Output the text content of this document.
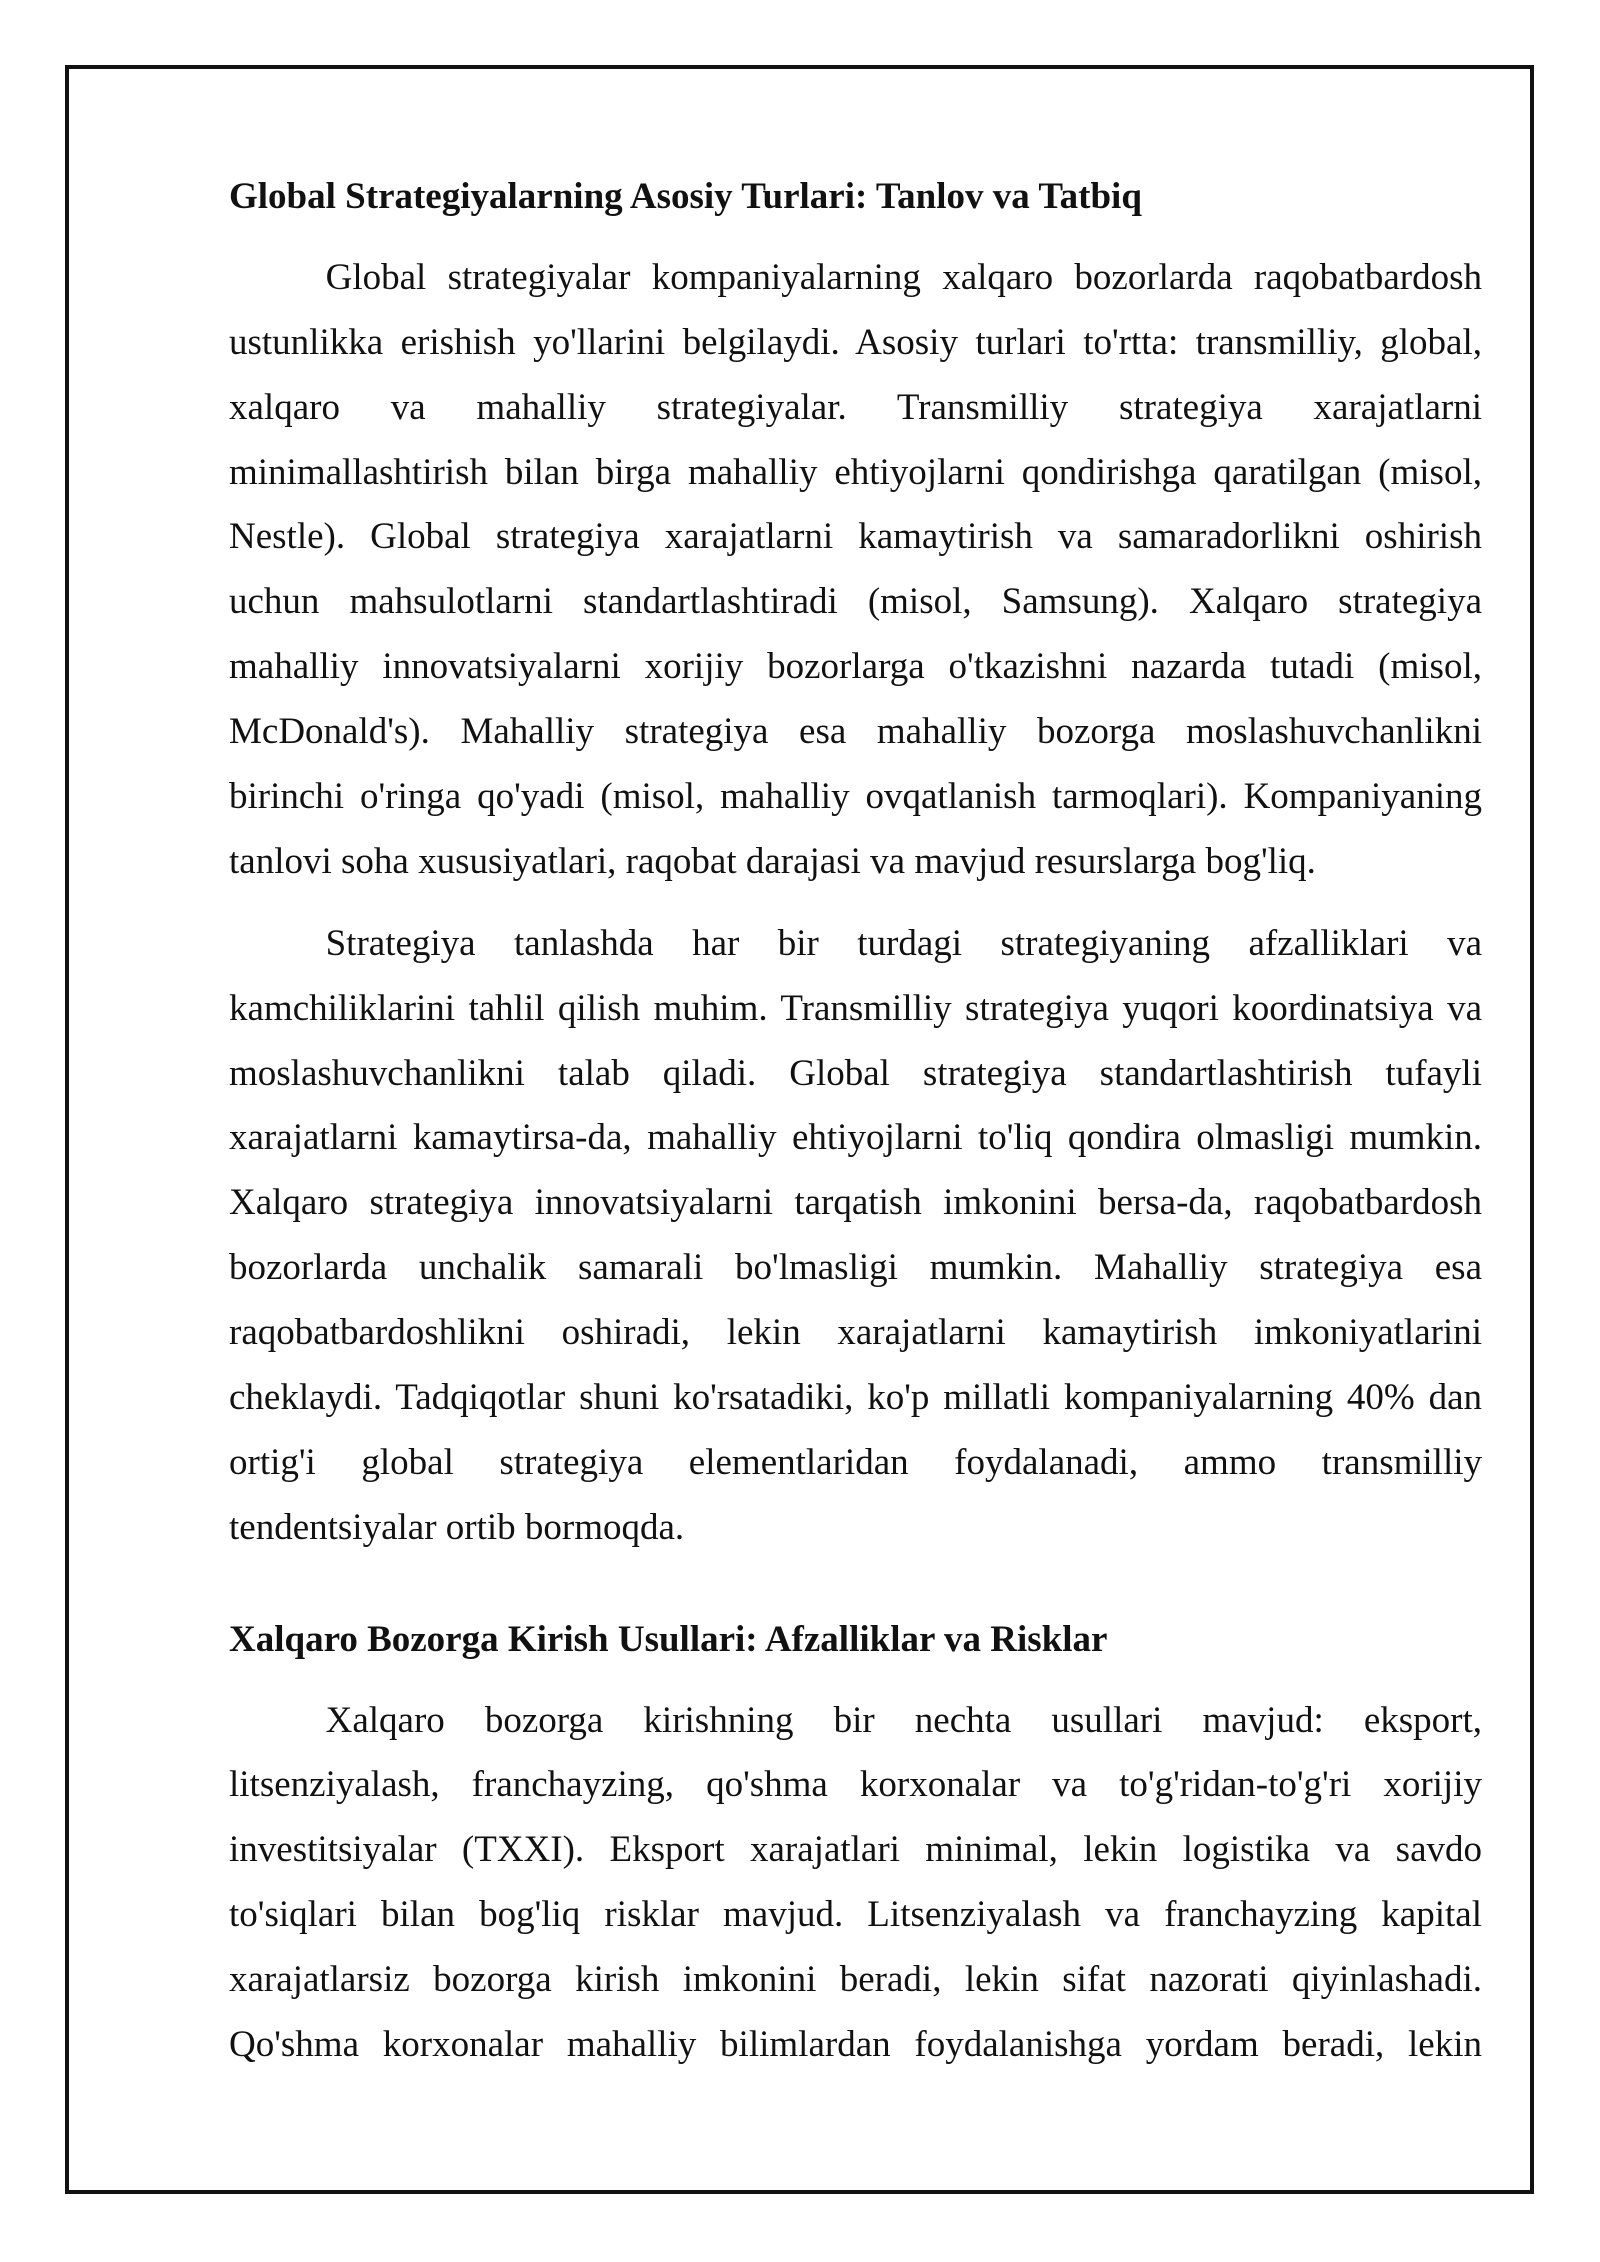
Global Strategiyalarning Asosiy Turlari: Tanlov va Tatbiq
Global strategiyalar kompaniyalarning xalqaro bozorlarda raqobatbardosh
ustunlikka erishish yo'llarini belgilaydi. Asosiy turlari to'rtta: transmilliy, global,
xalqaro va mahalliy strategiyalar. Transmilliy strategiya xarajatlarni
minimallashtirish bilan birga mahalliy ehtiyojlarni qondirishga qaratilgan (misol,
Nestle). Global strategiya xarajatlarni kamaytirish va samaradorlikni oshirish
uchun mahsulotlarni standartlashtiradi (misol, Samsung). Xalqaro strategiya
mahalliy innovatsiyalarni xorijiy bozorlarga o'tkazishni nazarda tutadi (misol,
McDonald's). Mahalliy strategiya esa mahalliy bozorga moslashuvchanlikni
birinchi o'ringa qo'yadi (misol, mahalliy ovqatlanish tarmoqlari). Kompaniyaning
tanlovi soha xususiyatlari, raqobat darajasi va mavjud resurslarga bog'liq.
Strategiya tanlashda har bir turdagi strategiyaning afzalliklari va
kamchiliklarini tahlil qilish muhim. Transmilliy strategiya yuqori koordinatsiya va
moslashuvchanlikni talab qiladi. Global strategiya standartlashtirish tufayli
xarajatlarni kamaytirsa-da, mahalliy ehtiyojlarni to'liq qondira olmasligi mumkin.
Xalqaro strategiya innovatsiyalarni tarqatish imkonini bersa-da, raqobatbardosh
bozorlarda unchalik samarali bo'lmasligi mumkin. Mahalliy strategiya esa
raqobatbardoshlikni oshiradi, lekin xarajatlarni kamaytirish imkoniyatlarini
cheklaydi. Tadqiqotlar shuni ko'rsatadiki, ko'p millatli kompaniyalarning 40% dan
ortig'i global strategiya elementlaridan foydalanadi, ammo transmilliy
tendentsiyalar ortib bormoqda.
Xalqaro Bozorga Kirish Usullari: Afzalliklar va Risklar
Xalqaro bozorga kirishning bir nechta usullari mavjud: eksport,
litsenziyalash, franchayzing, qo'shma korxonalar va to'g'ridan-to'g'ri xorijiy
investitsiyalar (TXXI). Eksport xarajatlari minimal, lekin logistika va savdo
to'siqlari bilan bog'liq risklar mavjud. Litsenziyalash va franchayzing kapital
xarajatlarsiz bozorga kirish imkonini beradi, lekin sifat nazorati qiyinlashadi.
Qo'shma korxonalar mahalliy bilimlardan foydalanishga yordam beradi, lekin
